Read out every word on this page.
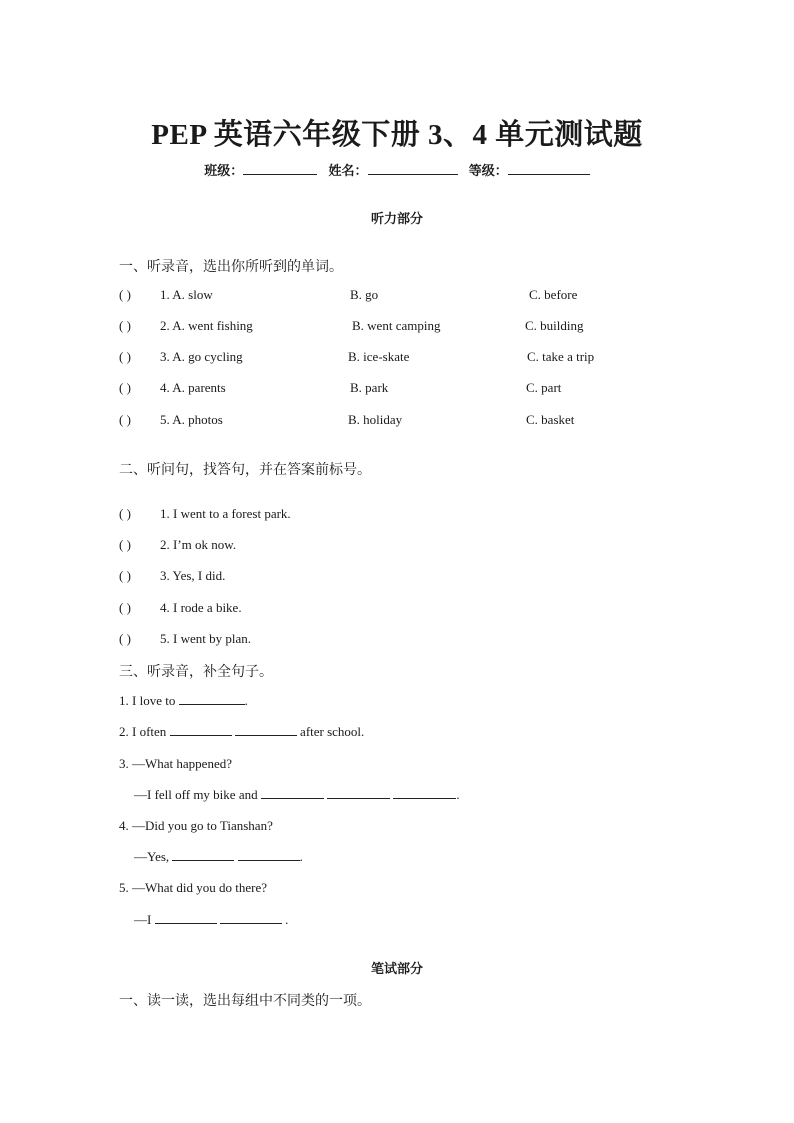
PEP 英语六年级下册 3、4 单元测试题
班级：	姓名：	等级：
听力部分
一、听录音，选出你所听到的单词。
( ) 1. A. slow	B. go	C. before
( ) 2. A. went fishing	B. went camping	C. building
( ) 3. A. go cycling	B. ice-skate	C. take a trip
( ) 4. A. parents	B. park	C. part
( ) 5. A. photos	B. holiday	C. basket
二、听问句，找答句，并在答案前标号。
( ) 1. I went to a forest park.
( ) 2. I’m ok now.
( ) 3. Yes, I did.
( ) 4. I rode a bike.
( ) 5. I went by plan.
三、听录音，补全句子。
1. I love to	.
2. I often	after school.
3. —What happened?
—I fell off my bike and	.
4. —Did you go to Tianshan?
—Yes,	.
5. —What did you do there?
—I	.
笔试部分
一、读一读，选出每组中不同类的一项。
